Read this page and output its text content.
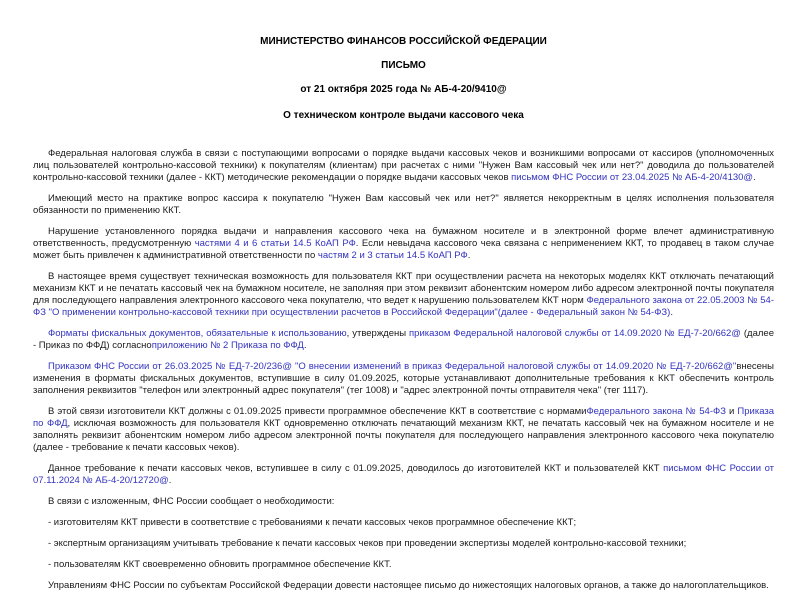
МИНИСТЕРСТВО ФИНАНСОВ РОССИЙСКОЙ ФЕДЕРАЦИИ
ПИСЬМО
от 21 октября 2025 года № АБ-4-20/9410@
О техническом контроле выдачи кассового чека

Федеральная налоговая служба в связи с поступающими вопросами о порядке выдачи кассовых чеков и возникшими вопросами от кассиров (уполномоченных лиц пользователей контрольно-кассовой техники) к покупателям (клиентам) при расчетах с ними "Нужен Вам кассовый чек или нет?" доводила до пользователей контрольно-кассовой техники (далее - ККТ) методические рекомендации о порядке выдачи кассовых чеков письмом ФНС России от 23.04.2025 № АБ-4-20/4130@.

Имеющий место на практике вопрос кассира к покупателю "Нужен Вам кассовый чек или нет?" является некорректным в целях исполнения пользователя обязанности по применению ККТ.

Нарушение установленного порядка выдачи и направления кассового чека на бумажном носителе и в электронной форме влечет административную ответственность, предусмотренную частями 4 и 6 статьи 14.5 КоАП РФ. Если невыдача кассового чека связана с неприменением ККТ, то продавец в таком случае может быть привлечен к административной ответственности по частям 2 и 3 статьи 14.5 КоАП РФ.

В настоящее время существует техническая возможность для пользователя ККТ при осуществлении расчета на некоторых моделях ККТ отключать печатающий механизм ККТ и не печатать кассовый чек на бумажном носителе, не заполняя при этом реквизит абонентским номером либо адресом электронной почты покупателя для последующего направления электронного кассового чека покупателю, что ведет к нарушению пользователем ККТ норм Федерального закона от 22.05.2003 № 54-ФЗ "О применении контрольно-кассовой техники при осуществлении расчетов в Российской Федерации"(далее - Федеральный закон № 54-ФЗ).

Форматы фискальных документов, обязательные к использованию, утверждены приказом Федеральной налоговой службы от 14.09.2020 № ЕД-7-20/662@ (далее - Приказ по ФФД) согласноприложению № 2 Приказа по ФФД.

Приказом ФНС России от 26.03.2025 № ЕД-7-20/236@ "О внесении изменений в приказ Федеральной налоговой службы от 14.09.2020 № ЕД-7-20/662@"внесены изменения в форматы фискальных документов, вступившие в силу 01.09.2025, которые устанавливают дополнительные требования к ККТ обеспечить контроль заполнения реквизитов "телефон или электронный адрес покупателя" (тег 1008) и "адрес электронной почты отправителя чека" (тег 1117).

В этой связи изготовители ККТ должны с 01.09.2025 привести программное обеспечение ККТ в соответствие с нормамиФедерального закона № 54-ФЗ и Приказа по ФФД, исключая возможность для пользователя ККТ одновременно отключать печатающий механизм ККТ, не печатать кассовый чек на бумажном носителе и не заполнять реквизит абонентским номером либо адресом электронной почты покупателя для последующего направления электронного кассового чека покупателю (далее - требование к печати кассовых чеков).

Данное требование к печати кассовых чеков, вступившее в силу с 01.09.2025, доводилось до изготовителей ККТ и пользователей ККТ письмом ФНС России от 07.11.2024 № АБ-4-20/12720@.

В связи с изложенным, ФНС России сообщает о необходимости:

- изготовителям ККТ привести в соответствие с требованиями к печати кассовых чеков программное обеспечение ККТ;

- экспертным организациям учитывать требование к печати кассовых чеков при проведении экспертизы моделей контрольно-кассовой техники;

- пользователям ККТ своевременно обновить программное обеспечение ККТ.

Управлениям ФНС России по субъектам Российской Федерации довести настоящее письмо до нижестоящих налоговых органов, а также до налогоплательщиков.
